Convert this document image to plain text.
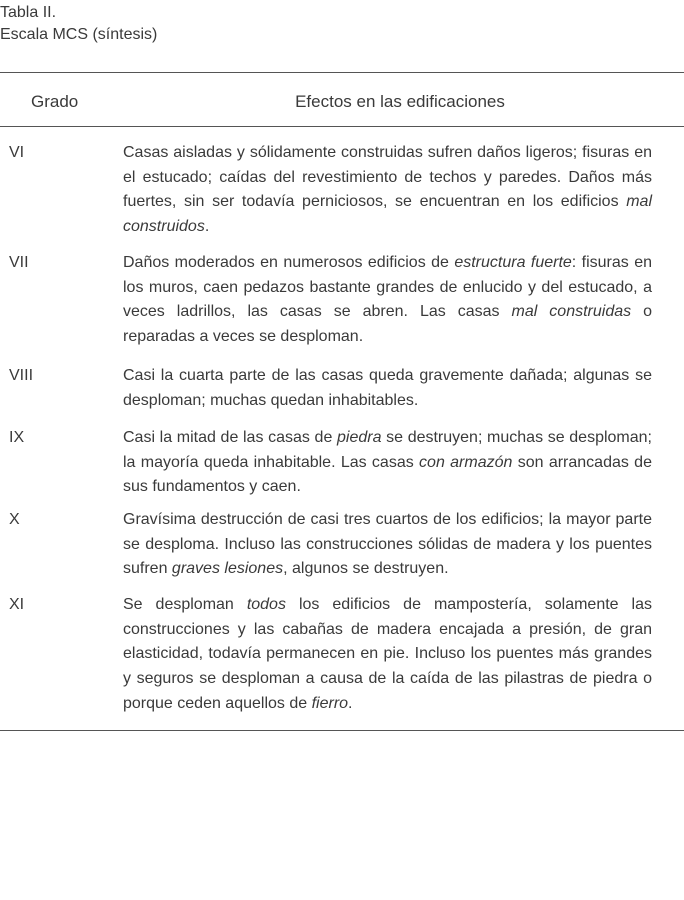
Tabla II.
Escala MCS (síntesis)
Grado	Efectos en las edificaciones
VI	Casas aisladas y sólidamente construidas sufren daños ligeros; fisuras en el estucado; caídas del revestimiento de techos y paredes. Daños más fuertes, sin ser todavía perniciosos, se encuentran en los edificios mal construidos.
VII	Daños moderados en numerosos edificios de estructura fuerte: fisuras en los muros, caen pedazos bastante grandes de enlucido y del estucado, a veces ladrillos, las casas se abren. Las casas mal construidas o reparadas a veces se desploman.
VIII	Casi la cuarta parte de las casas queda gravemente dañada; algunas se desploman; muchas quedan inhabitables.
IX	Casi la mitad de las casas de piedra se destruyen; muchas se desploman; la mayoría queda inhabitable. Las casas con armazón son arrancadas de sus fundamentos y caen.
X	Gravísima destrucción de casi tres cuartos de los edificios; la mayor parte se desploma. Incluso las construcciones sólidas de madera y los puentes sufren graves lesiones, algunos se destruyen.
XI	Se desploman todos los edificios de mampostería, solamente las construcciones y las cabañas de madera encajada a presión, de gran elasticidad, todavía permanecen en pie. Incluso los puentes más grandes y seguros se desploman a causa de la caída de las pilastras de piedra o porque ceden aquellos de fierro.
